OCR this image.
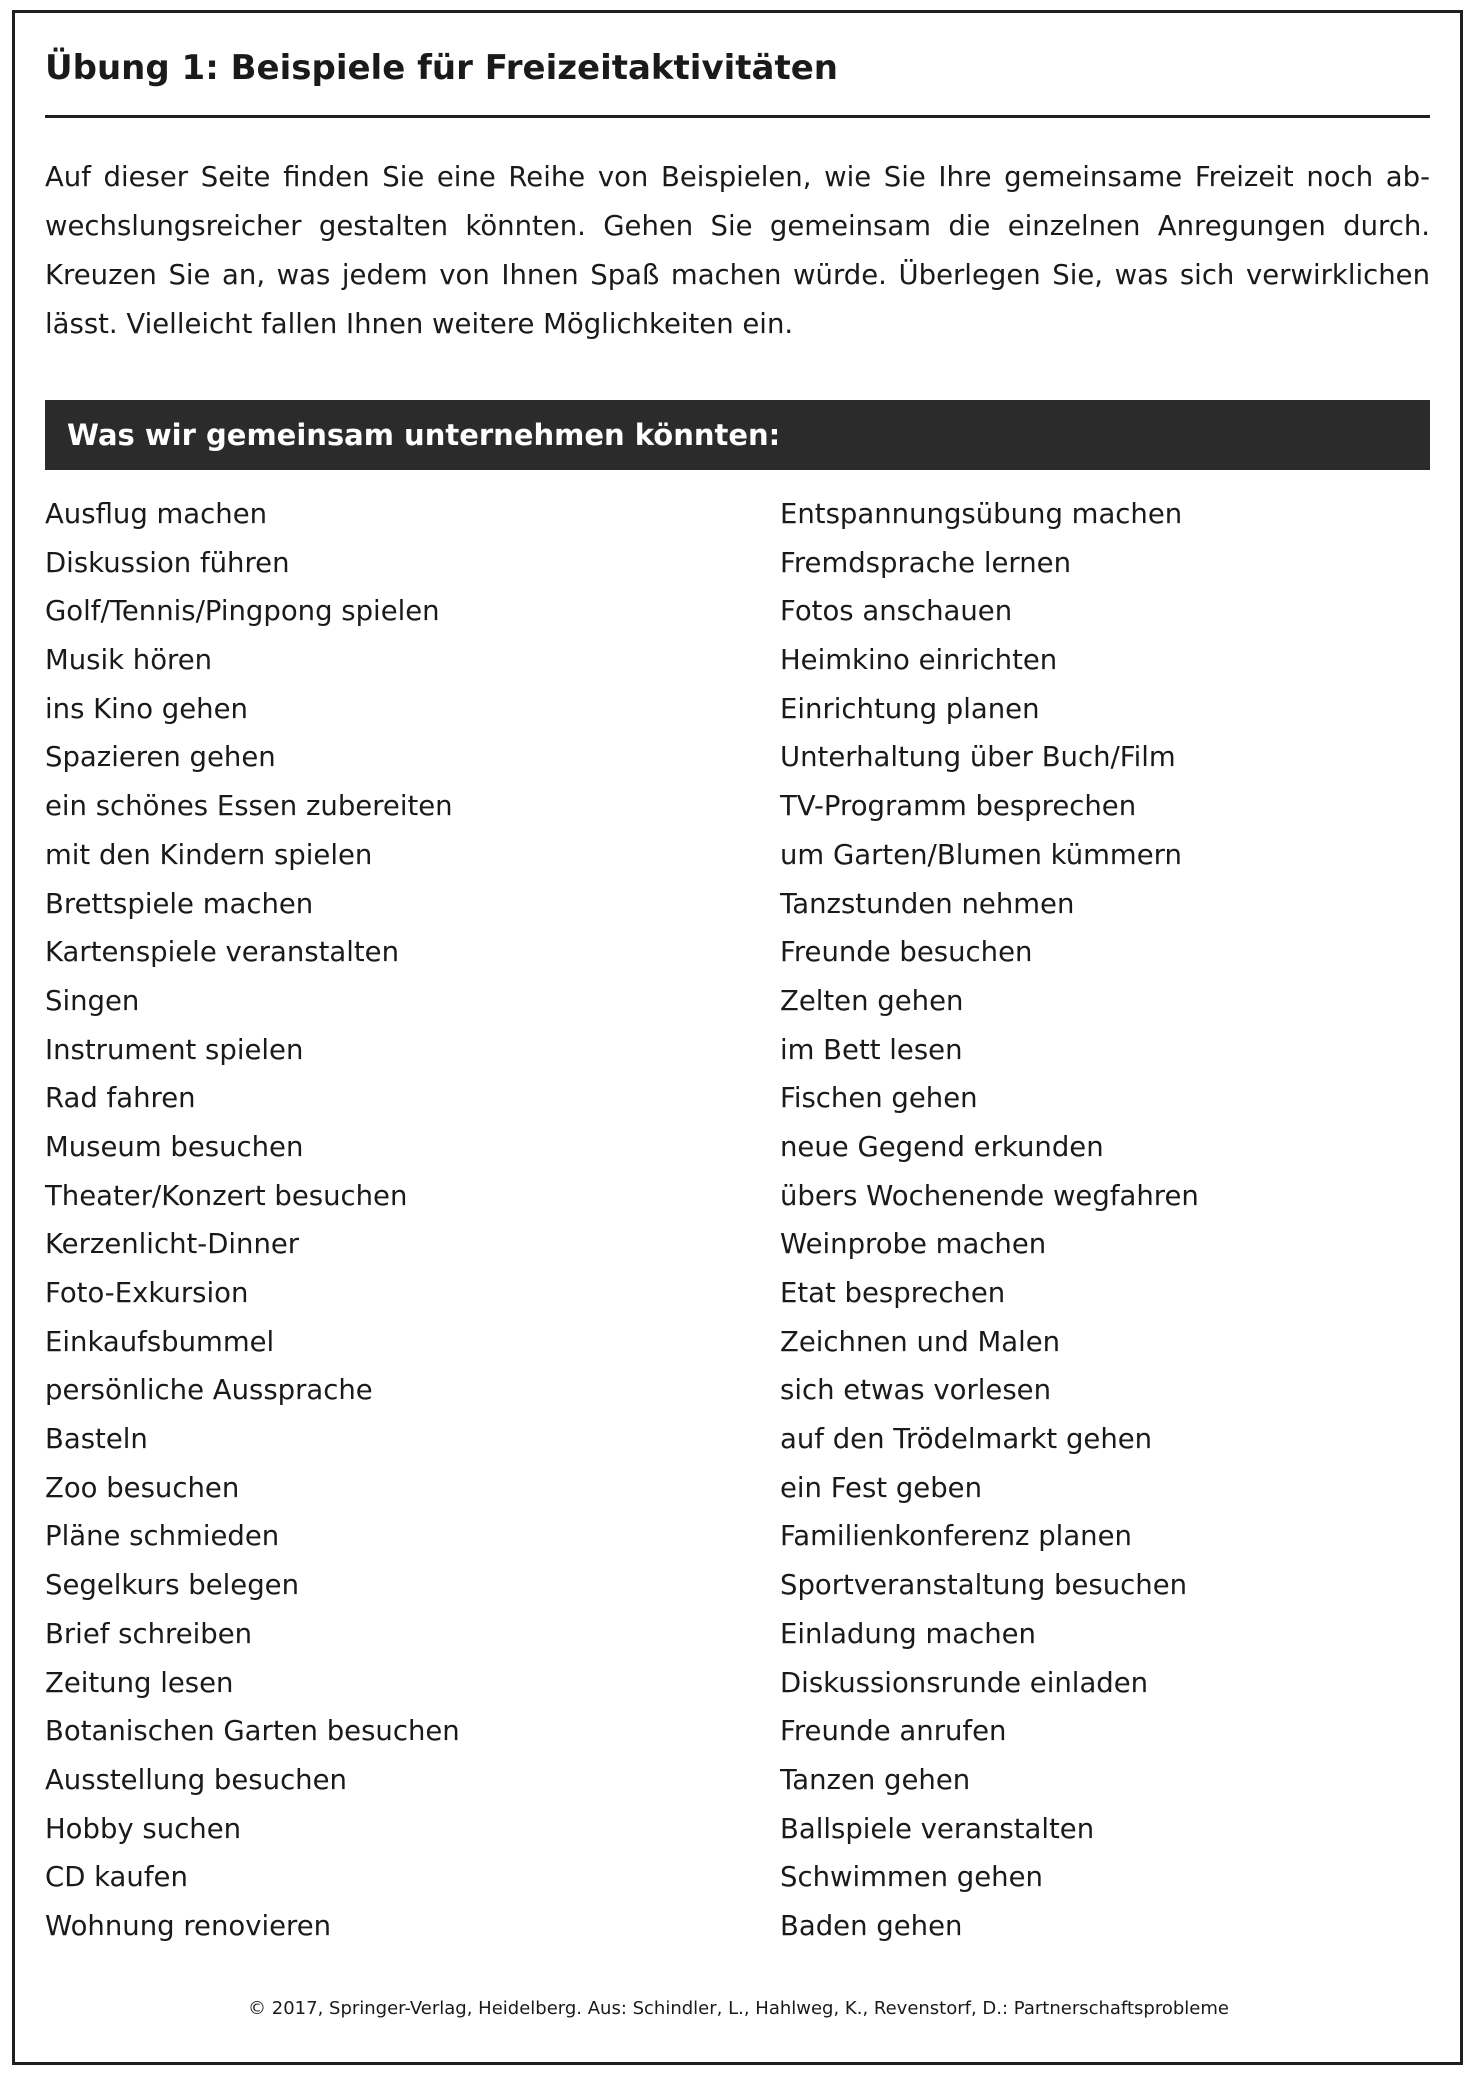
Übung 1: Beispiele für Freizeitaktivitäten

Auf dieser Seite finden Sie eine Reihe von Beispielen, wie Sie Ihre gemeinsame Freizeit noch abwechslungsreicher gestalten könnten. Gehen Sie gemeinsam die einzelnen Anregungen durch. Kreuzen Sie an, was jedem von Ihnen Spaß machen würde. Überlegen Sie, was sich verwirklichen lässt. Vielleicht fallen Ihnen weitere Möglichkeiten ein.

Was wir gemeinsam unternehmen könnten:
Ausflug machen
Diskussion führen
Golf/Tennis/Pingpong spielen
Musik hören
ins Kino gehen
Spazieren gehen
ein schönes Essen zubereiten
mit den Kindern spielen
Brettspiele machen
Kartenspiele veranstalten
Singen
Instrument spielen
Rad fahren
Museum besuchen
Theater/Konzert besuchen
Kerzenlicht-Dinner
Foto-Exkursion
Einkaufsbummel
persönliche Aussprache
Basteln
Zoo besuchen
Pläne schmieden
Segelkurs belegen
Brief schreiben
Zeitung lesen
Botanischen Garten besuchen
Ausstellung besuchen
Hobby suchen
CD kaufen
Wohnung renovieren
Entspannungsübung machen
Fremdsprache lernen
Fotos anschauen
Heimkino einrichten
Einrichtung planen
Unterhaltung über Buch/Film
TV-Programm besprechen
um Garten/Blumen kümmern
Tanzstunden nehmen
Freunde besuchen
Zelten gehen
im Bett lesen
Fischen gehen
neue Gegend erkunden
übers Wochenende wegfahren
Weinprobe machen
Etat besprechen
Zeichnen und Malen
sich etwas vorlesen
auf den Trödelmarkt gehen
ein Fest geben
Familienkonferenz planen
Sportveranstaltung besuchen
Einladung machen
Diskussionsrunde einladen
Freunde anrufen
Tanzen gehen
Ballspiele veranstalten
Schwimmen gehen
Baden gehen
© 2017, Springer-Verlag, Heidelberg. Aus: Schindler, L., Hahlweg, K., Revenstorf, D.: Partnerschaftsprobleme
